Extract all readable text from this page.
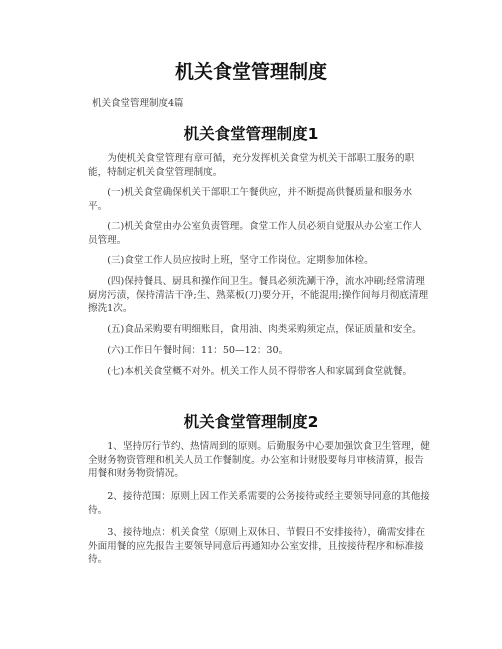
机关食堂管理制度

机关食堂管理制度4篇

机关食堂管理制度1

为使机关食堂管理有章可循，充分发挥机关食堂为机关干部职工服务的职能，特制定机关食堂管理制度。

(一)机关食堂确保机关干部职工午餐供应，并不断提高供餐质量和服务水平。

(二)机关食堂由办公室负责管理。食堂工作人员必须自觉服从办公室工作人员管理。

(三)食堂工作人员应按时上班，坚守工作岗位。定期参加体检。

(四)保持餐具、厨具和操作间卫生。餐具必须洗涮干净，流水冲刷;经常清理厨房污渍，保持清洁干净;生、熟菜板(刀)要分开，不能混用;操作间每月彻底清理擦洗1次。

(五)食品采购要有明细账目，食用油、肉类采购须定点，保证质量和安全。

(六)工作日午餐时间：11：50—12：30。

(七)本机关食堂概不对外。机关工作人员不得带客人和家属到食堂就餐。

机关食堂管理制度2

1、坚持厉行节约、热情周到的原则。后勤服务中心要加强饮食卫生管理，健全财务物资管理和机关人员工作餐制度。办公室和计财股要每月审核清算，报告用餐和财务物资情况。

2、接待范围：原则上因工作关系需要的公务接待或经主要领导同意的其他接待。

3、接待地点：机关食堂（原则上双休日、节假日不安排接待），确需安排在外面用餐的应先报告主要领导同意后再通知办公室安排，且按接待程序和标准接待。
